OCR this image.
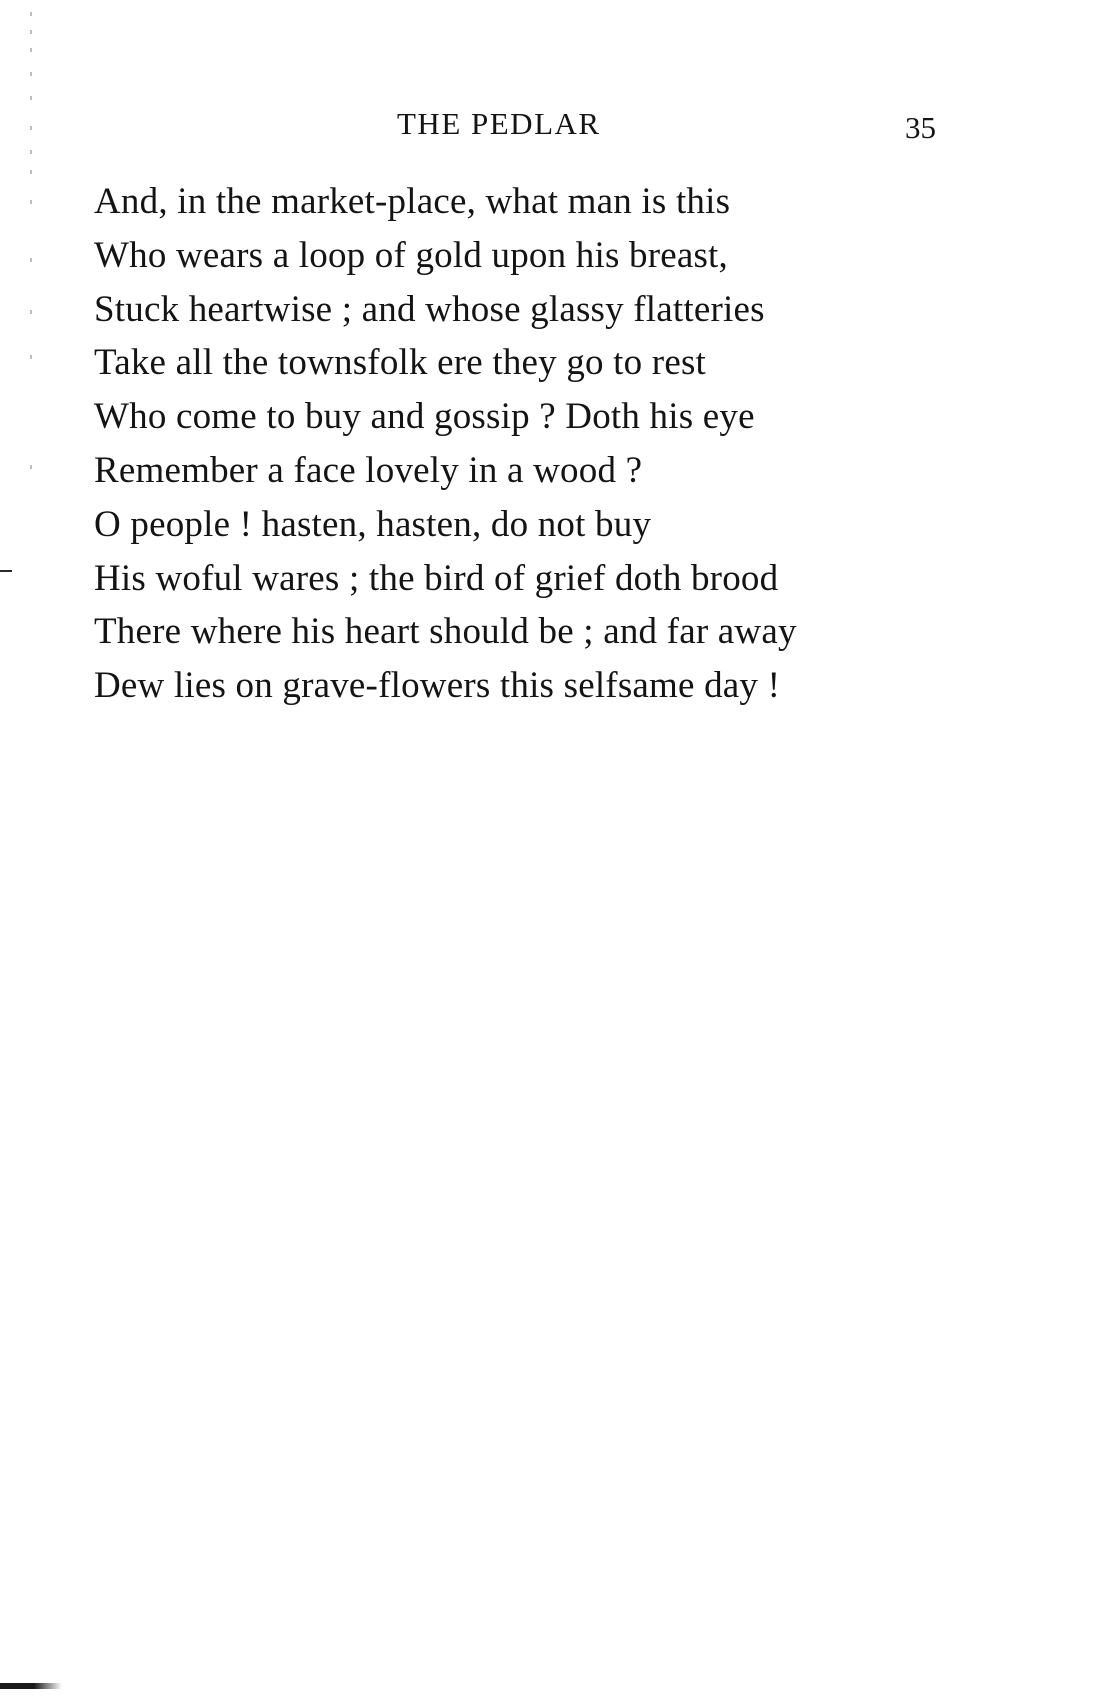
THE PEDLAR	35
And, in the market-place, what man is this
Who wears a loop of gold upon his breast,
Stuck heartwise ; and whose glassy flatteries
Take all the townsfolk ere they go to rest
Who come to buy and gossip ? Doth his eye
Remember a face lovely in a wood ?
O people ! hasten, hasten, do not buy
His woful wares ; the bird of grief doth brood
There where his heart should be ; and far away
Dew lies on grave-flowers this selfsame day !
